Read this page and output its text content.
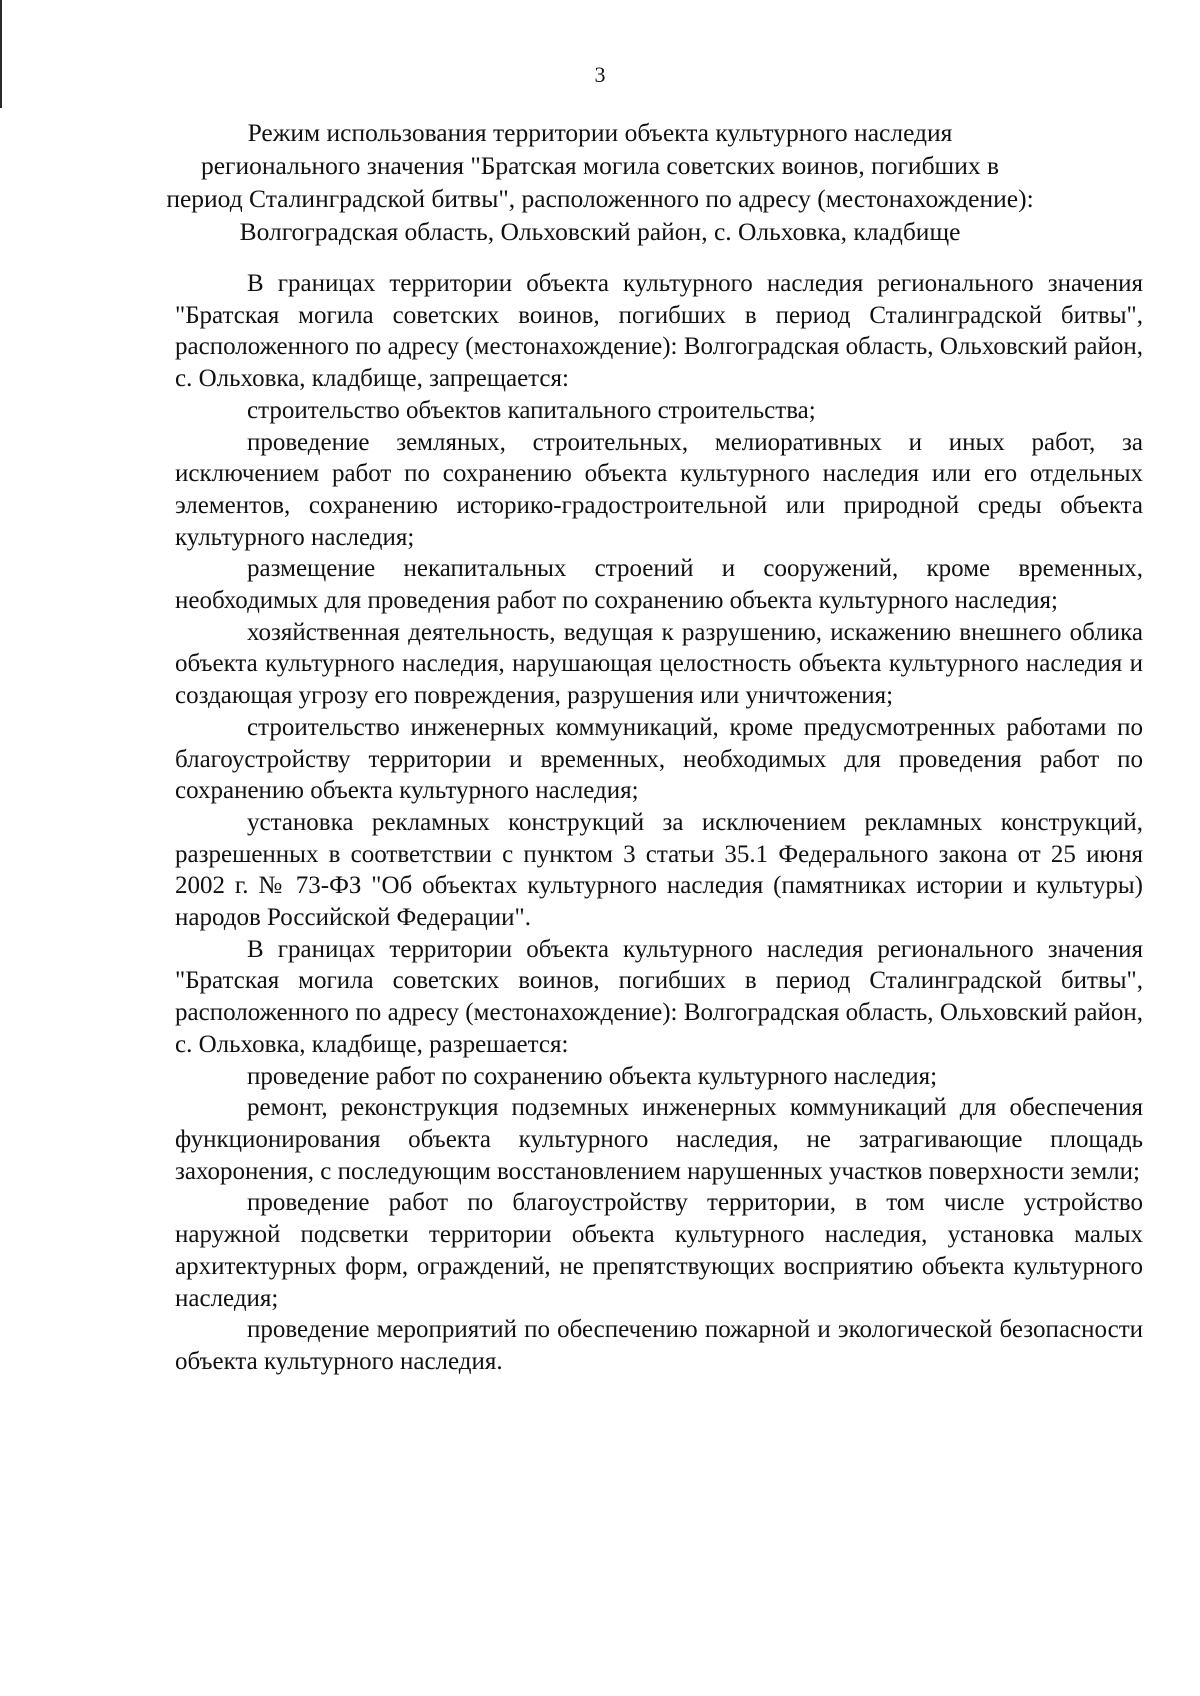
3
Режим использования территории объекта культурного наследия
регионального значения "Братская могила советских воинов, погибших в
период Сталинградской битвы", расположенного по адресу (местонахождение):
Волгоградская область, Ольховский район, с. Ольховка, кладбище

В границах территории объекта культурного наследия регионального значения "Братская могила советских воинов, погибших в период Сталинградской битвы", расположенного по адресу (местонахождение): Волгоградская область, Ольховский район, с. Ольховка, кладбище, запрещается:

строительство объектов капитального строительства;

проведение земляных, строительных, мелиоративных и иных работ, за исключением работ по сохранению объекта культурного наследия или его отдельных элементов, сохранению историко-градостроительной или природной среды объекта культурного наследия;

размещение некапитальных строений и сооружений, кроме временных, необходимых для проведения работ по сохранению объекта культурного наследия;

хозяйственная деятельность, ведущая к разрушению, искажению внешнего облика объекта культурного наследия, нарушающая целостность объекта культурного наследия и создающая угрозу его повреждения, разрушения или уничтожения;

строительство инженерных коммуникаций, кроме предусмотренных работами по благоустройству территории и временных, необходимых для проведения работ по сохранению объекта культурного наследия;

установка рекламных конструкций за исключением рекламных конструкций, разрешенных в соответствии с пунктом 3 статьи 35.1 Федерального закона от 25 июня 2002 г. № 73-ФЗ "Об объектах культурного наследия (памятниках истории и культуры) народов Российской Федерации".

В границах территории объекта культурного наследия регионального значения "Братская могила советских воинов, погибших в период Сталинградской битвы", расположенного по адресу (местонахождение): Волгоградская область, Ольховский район, с. Ольховка, кладбище, разрешается:

проведение работ по сохранению объекта культурного наследия;

ремонт, реконструкция подземных инженерных коммуникаций для обеспечения функционирования объекта культурного наследия, не затрагивающие площадь захоронения, с последующим восстановлением нарушенных участков поверхности земли;

проведение работ по благоустройству территории, в том числе устройство наружной подсветки территории объекта культурного наследия, установка малых архитектурных форм, ограждений, не препятствующих восприятию объекта культурного наследия;

проведение мероприятий по обеспечению пожарной и экологической безопасности объекта культурного наследия.
